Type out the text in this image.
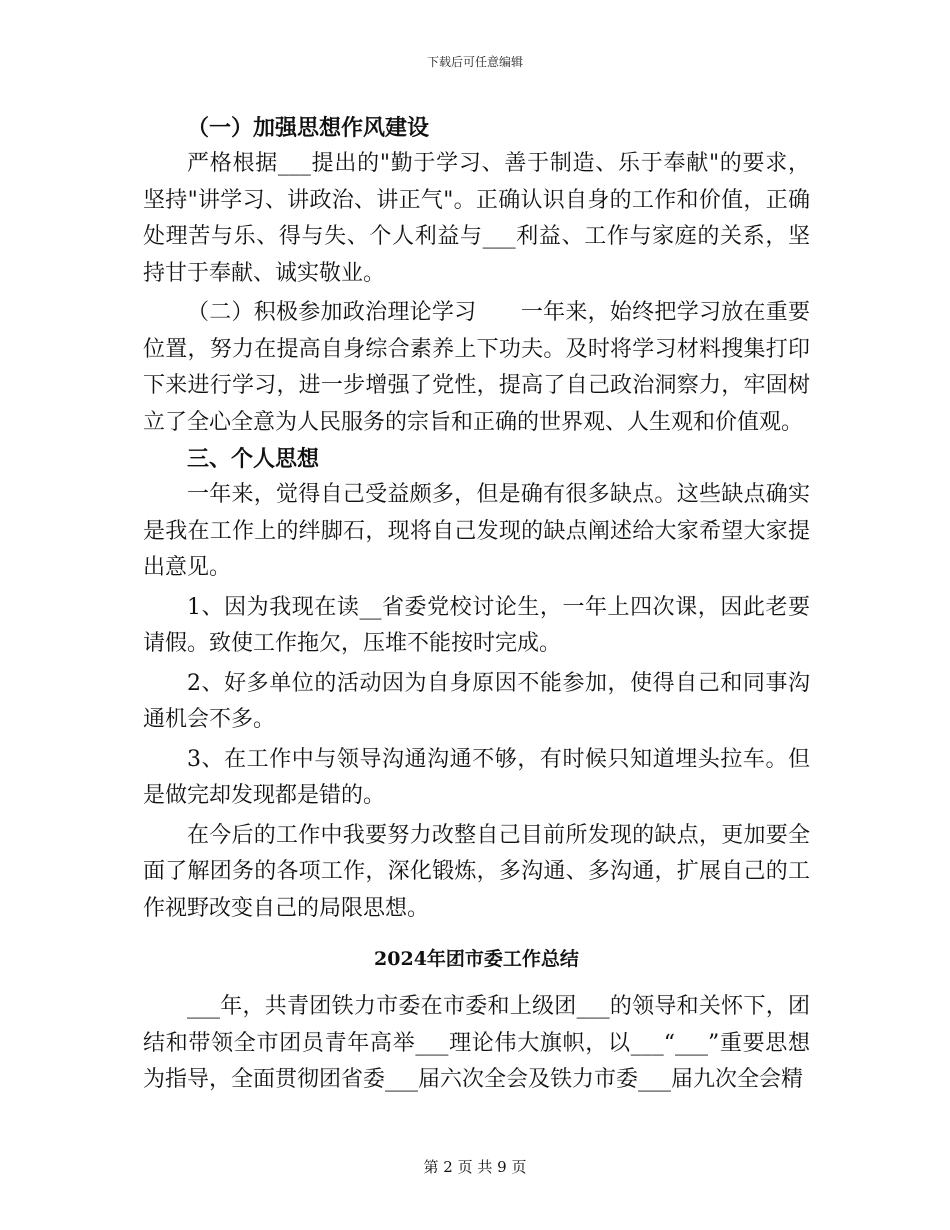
下载后可任意编辑

（一）加强思想作风建设

严格根据___提出的"勤于学习、善于制造、乐于奉献"的要求，坚持"讲学习、讲政治、讲正气"。正确认识自身的工作和价值，正确处理苦与乐、得与失、个人利益与___利益、工作与家庭的关系，坚持甘于奉献、诚实敬业。

（二）积极参加政治理论学习　　一年来，始终把学习放在重要位置，努力在提高自身综合素养上下功夫。及时将学习材料搜集打印下来进行学习，进一步增强了党性，提高了自己政治洞察力，牢固树立了全心全意为人民服务的宗旨和正确的世界观、人生观和价值观。

三、个人思想

一年来，觉得自己受益颇多，但是确有很多缺点。这些缺点确实是我在工作上的绊脚石，现将自己发现的缺点阐述给大家希望大家提出意见。

1、因为我现在读__省委党校讨论生，一年上四次课，因此老要请假。致使工作拖欠，压堆不能按时完成。

2、好多单位的活动因为自身原因不能参加，使得自己和同事沟通机会不多。

3、在工作中与领导沟通沟通不够，有时候只知道埋头拉车。但是做完却发现都是错的。

在今后的工作中我要努力改整自己目前所发现的缺点，更加要全面了解团务的各项工作，深化锻炼，多沟通、多沟通，扩展自己的工作视野改变自己的局限思想。

2024年团市委工作总结

___年，共青团铁力市委在市委和上级团___的领导和关怀下，团结和带领全市团员青年高举___理论伟大旗帜，以___“___”重要思想为指导，全面贯彻团省委___届六次全会及铁力市委___届九次全会精

第 2 页 共 9 页
